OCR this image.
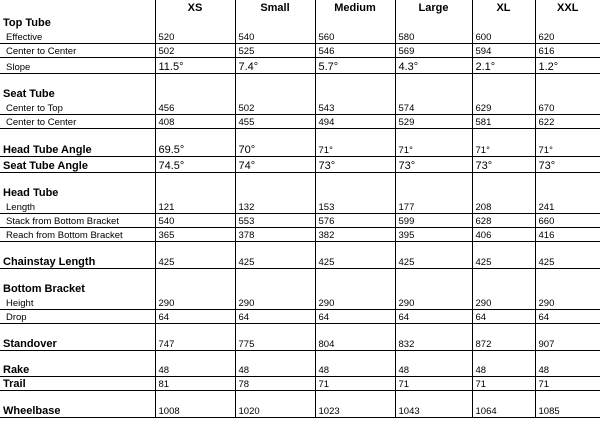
	XS	Small	Medium	Large	XL	XXL
Top Tube						
Effective	520	540	560	580	600	620
Center to Center	502	525	546	569	594	616
Slope	11.5°	7.4°	5.7°	4.3°	2.1°	1.2°

Seat Tube						
Center to Top	456	502	543	574	629	670
Center to Center	408	455	494	529	581	622

Head Tube Angle	69.5°	70°	71°	71°	71°	71°
Seat Tube Angle	74.5°	74°	73°	73°	73°	73°

Head Tube						
Length	121	132	153	177	208	241
Stack from Bottom Bracket	540	553	576	599	628	660
Reach from Bottom Bracket	365	378	382	395	406	416

Chainstay Length	425	425	425	425	425	425

Bottom Bracket						
Height	290	290	290	290	290	290
Drop	64	64	64	64	64	64

Standover	747	775	804	832	872	907

Rake	48	48	48	48	48	48
Trail	81	78	71	71	71	71

Wheelbase	1008	1020	1023	1043	1064	1085
